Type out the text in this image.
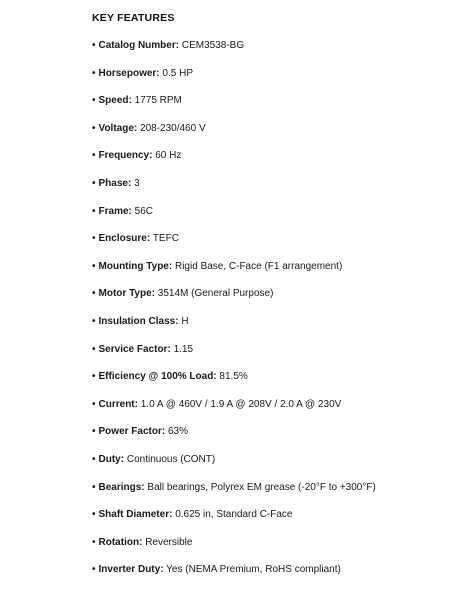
KEY FEATURES
• Catalog Number: CEM3538-BG
• Horsepower: 0.5 HP
• Speed: 1775 RPM
• Voltage: 208-230/460 V
• Frequency: 60 Hz
• Phase: 3
• Frame: 56C
• Enclosure: TEFC
• Mounting Type: Rigid Base, C-Face (F1 arrangement)
• Motor Type: 3514M (General Purpose)
• Insulation Class: H
• Service Factor: 1.15
• Efficiency @ 100% Load: 81.5%
• Current: 1.0 A @ 460V / 1.9 A @ 208V / 2.0 A @ 230V
• Power Factor: 63%
• Duty: Continuous (CONT)
• Bearings: Ball bearings, Polyrex EM grease (-20°F to +300°F)
• Shaft Diameter: 0.625 in, Standard C-Face
• Rotation: Reversible
• Inverter Duty: Yes (NEMA Premium, RoHS compliant)
